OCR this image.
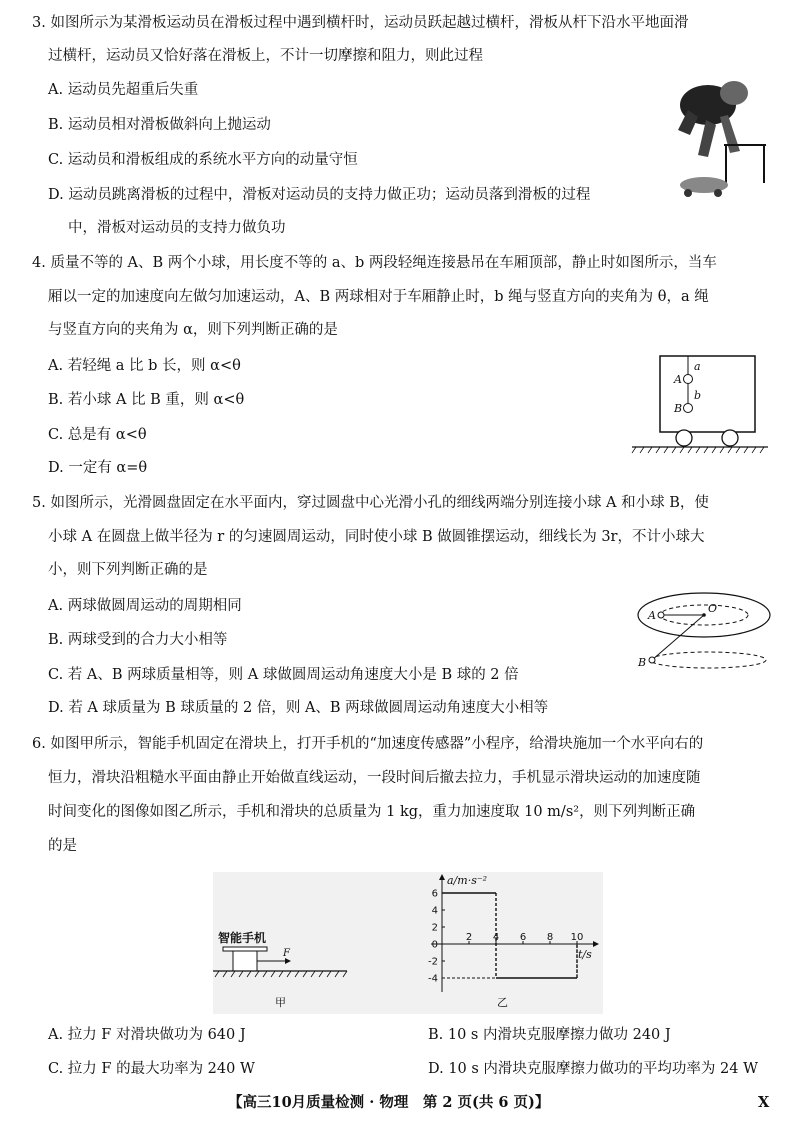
3. 如图所示为某滑板运动员在滑板过程中遇到横杆时，运动员跃起越过横杆，滑板从杆下沿水平地面滑
过横杆，运动员又恰好落在滑板上，不计一切摩擦和阻力，则此过程
A. 运动员先超重后失重
B. 运动员相对滑板做斜向上抛运动
C. 运动员和滑板组成的系统水平方向的动量守恒
D. 运动员跳离滑板的过程中，滑板对运动员的支持力做正功；运动员落到滑板的过程
中，滑板对运动员的支持力做负功
4. 质量不等的 A、B 两个小球，用长度不等的 a、b 两段轻绳连接悬吊在车厢顶部，静止时如图所示，当车
厢以一定的加速度向左做匀加速运动，A、B 两球相对于车厢静止时，b 绳与竖直方向的夹角为 θ，a 绳
与竖直方向的夹角为 α，则下列判断正确的是
A. 若轻绳 a 比 b 长，则 α<θ
B. 若小球 A 比 B 重，则 α<θ
C. 总是有 α<θ
D. 一定有 α=θ
a
A
b
B
5. 如图所示，光滑圆盘固定在水平面内，穿过圆盘中心光滑小孔的细线两端分别连接小球 A 和小球 B，使
小球 A 在圆盘上做半径为 r 的匀速圆周运动，同时使小球 B 做圆锥摆运动，细线长为 3r，不计小球大
小，则下列判断正确的是
A. 两球做圆周运动的周期相同
B. 两球受到的合力大小相等
C. 若 A、B 两球质量相等，则 A 球做圆周运动角速度大小是 B 球的 2 倍
D. 若 A 球质量为 B 球质量的 2 倍，则 A、B 两球做圆周运动角速度大小相等
A
O
B
6. 如图甲所示，智能手机固定在滑块上，打开手机的“加速度传感器”小程序，给滑块施加一个水平向右的
恒力，滑块沿粗糙水平面由静止开始做直线运动，一段时间后撤去拉力，手机显示滑块运动的加速度随
时间变化的图像如图乙所示，手机和滑块的总质量为 1 kg，重力加速度取 10 m/s²，则下列判断正确
的是
智能手机
F
甲
a/m·s⁻²
t/s
6
4
2
0
-2
-4
2 4 6 8 10
乙
A. 拉力 F 对滑块做功为 640 J	B. 10 s 内滑块克服摩擦力做功 240 J
C. 拉力 F 的最大功率为 240 W	D. 10 s 内滑块克服摩擦力做功的平均功率为 24 W
【高三10月质量检测 · 物理　第 2 页(共 6 页)】	X
